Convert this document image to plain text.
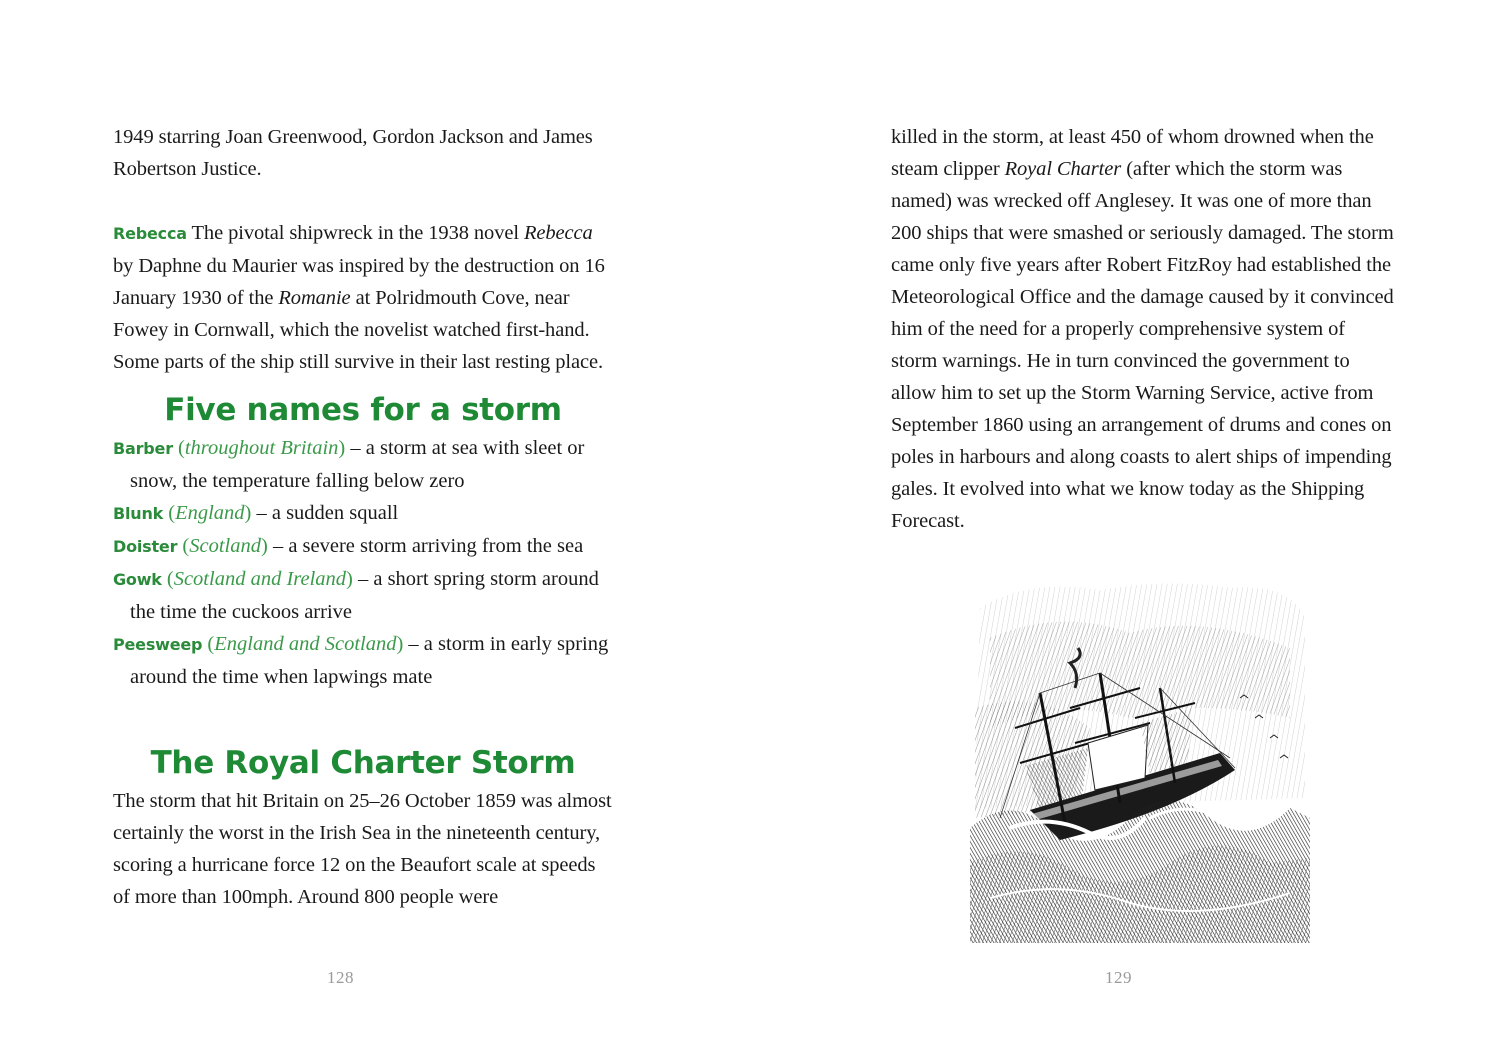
1949 starring Joan Greenwood, Gordon Jackson and James Robertson Justice.

Rebecca The pivotal shipwreck in the 1938 novel Rebecca by Daphne du Maurier was inspired by the destruction on 16 January 1930 of the Romanie at Polridmouth Cove, near Fowey in Cornwall, which the novelist watched first-hand. Some parts of the ship still survive in their last resting place.

Five names for a storm
Barber (throughout Britain) – a storm at sea with sleet or snow, the temperature falling below zero
Blunk (England) – a sudden squall
Doister (Scotland) – a severe storm arriving from the sea
Gowk (Scotland and Ireland) – a short spring storm around the time the cuckoos arrive
Peesweep (England and Scotland) – a storm in early spring around the time when lapwings mate
The Royal Charter Storm

The storm that hit Britain on 25–26 October 1859 was almost certainly the worst in the Irish Sea in the nineteenth century, scoring a hurricane force 12 on the Beaufort scale at speeds of more than 100mph. Around 800 people were

128

killed in the storm, at least 450 of whom drowned when the steam clipper Royal Charter (after which the storm was named) was wrecked off Anglesey. It was one of more than 200 ships that were smashed or seriously damaged. The storm came only five years after Robert FitzRoy had established the Meteorological Office and the damage caused by it convinced him of the need for a properly comprehensive system of storm warnings. He in turn convinced the government to allow him to set up the Storm Warning Service, active from September 1860 using an arrangement of drums and cones on poles in harbours and along coasts to alert ships of impending gales. It evolved into what we know today as the Shipping Forecast.

129
